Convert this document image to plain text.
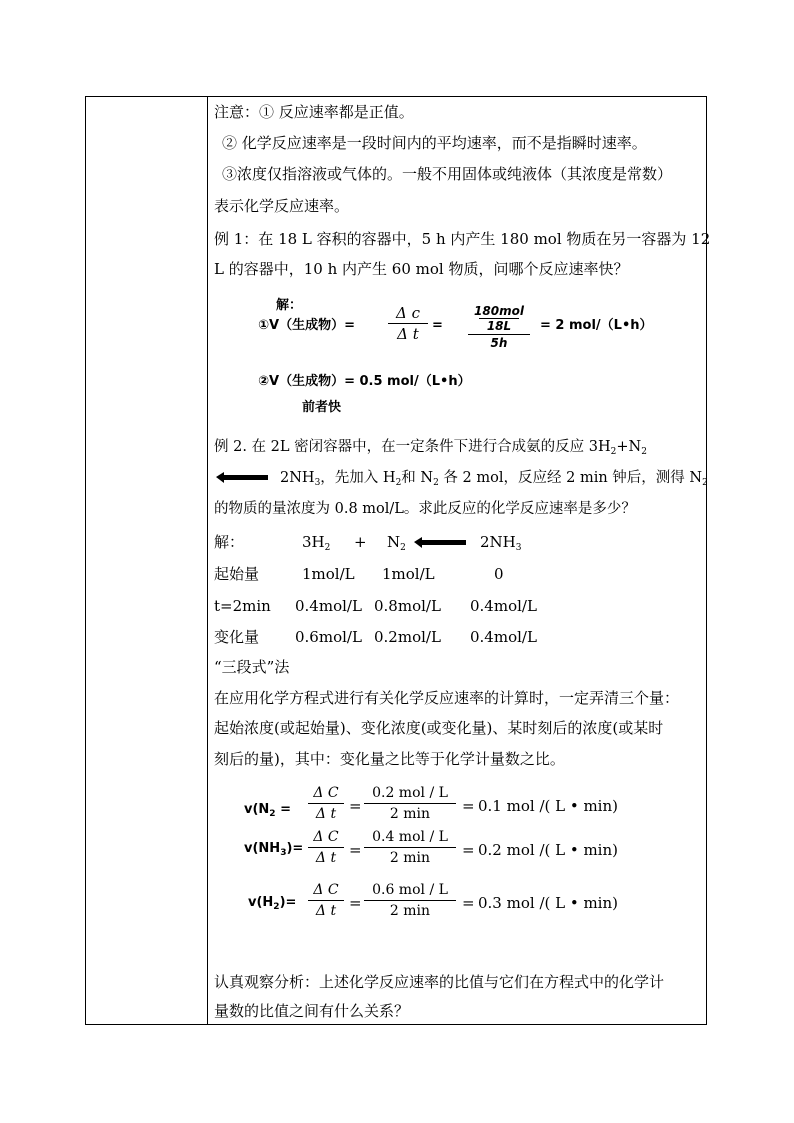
注意：① 反应速率都是正值。
② 化学反应速率是一段时间内的平均速率，而不是指瞬时速率。
③浓度仅指溶液或气体的。一般不用固体或纯液体（其浓度是常数）
表示化学反应速率。
例 1：在 18 L 容积的容器中，5 h 内产生 180 mol 物质在另一容器为 12
L 的容器中，10 h 内产生 60 mol 物质，问哪个反应速率快？
解：
①V（生成物）=
Δ c
Δ t	=
180mol
18L
5h
= 2 mol/（L•h）
②V（生成物）= 0.5 mol/（L•h）
前者快
例 2. 在 2L 密闭容器中，在一定条件下进行合成氨的反应 $3H_2+N_2$
$2NH_3$，先加入 $H_2$和 $N_2$ 各 2 mol，反应经 2 min 钟后，测得 $N_2$
的物质的量浓度为 0.8 mol/L。求此反应的化学反应速率是多少？
解：	$3H_2 + N_2$	$2NH_3$
起始量	1mol/L 1mol/L	0
t=2min 0.4mol/L 0.8mol/L 0.4mol/L
变化量 0.6mol/L 0.2mol/L 0.4mol/L
“三段式”法
在应用化学方程式进行有关化学反应速率的计算时，一定弄清三个量：
起始浓度(或起始量)、变化浓度(或变化量)、某时刻后的浓度(或某时
刻后的量)，其中：变化量之比等于化学计量数之比。
$v(N_2$ =
Δ C
Δ t =
0.2 mol / L
2 min	= 0.1 mol /( L • min)
$v(NH_3)=$
Δ C
Δ t =
0.4 mol / L
2 min	= 0.2 mol /( L • min)
$v(H_2)=$
Δ C
Δ t =
0.6 mol / L
2 min	= 0.3 mol /( L • min)
认真观察分析：上述化学反应速率的比值与它们在方程式中的化学计
量数的比值之间有什么关系？
